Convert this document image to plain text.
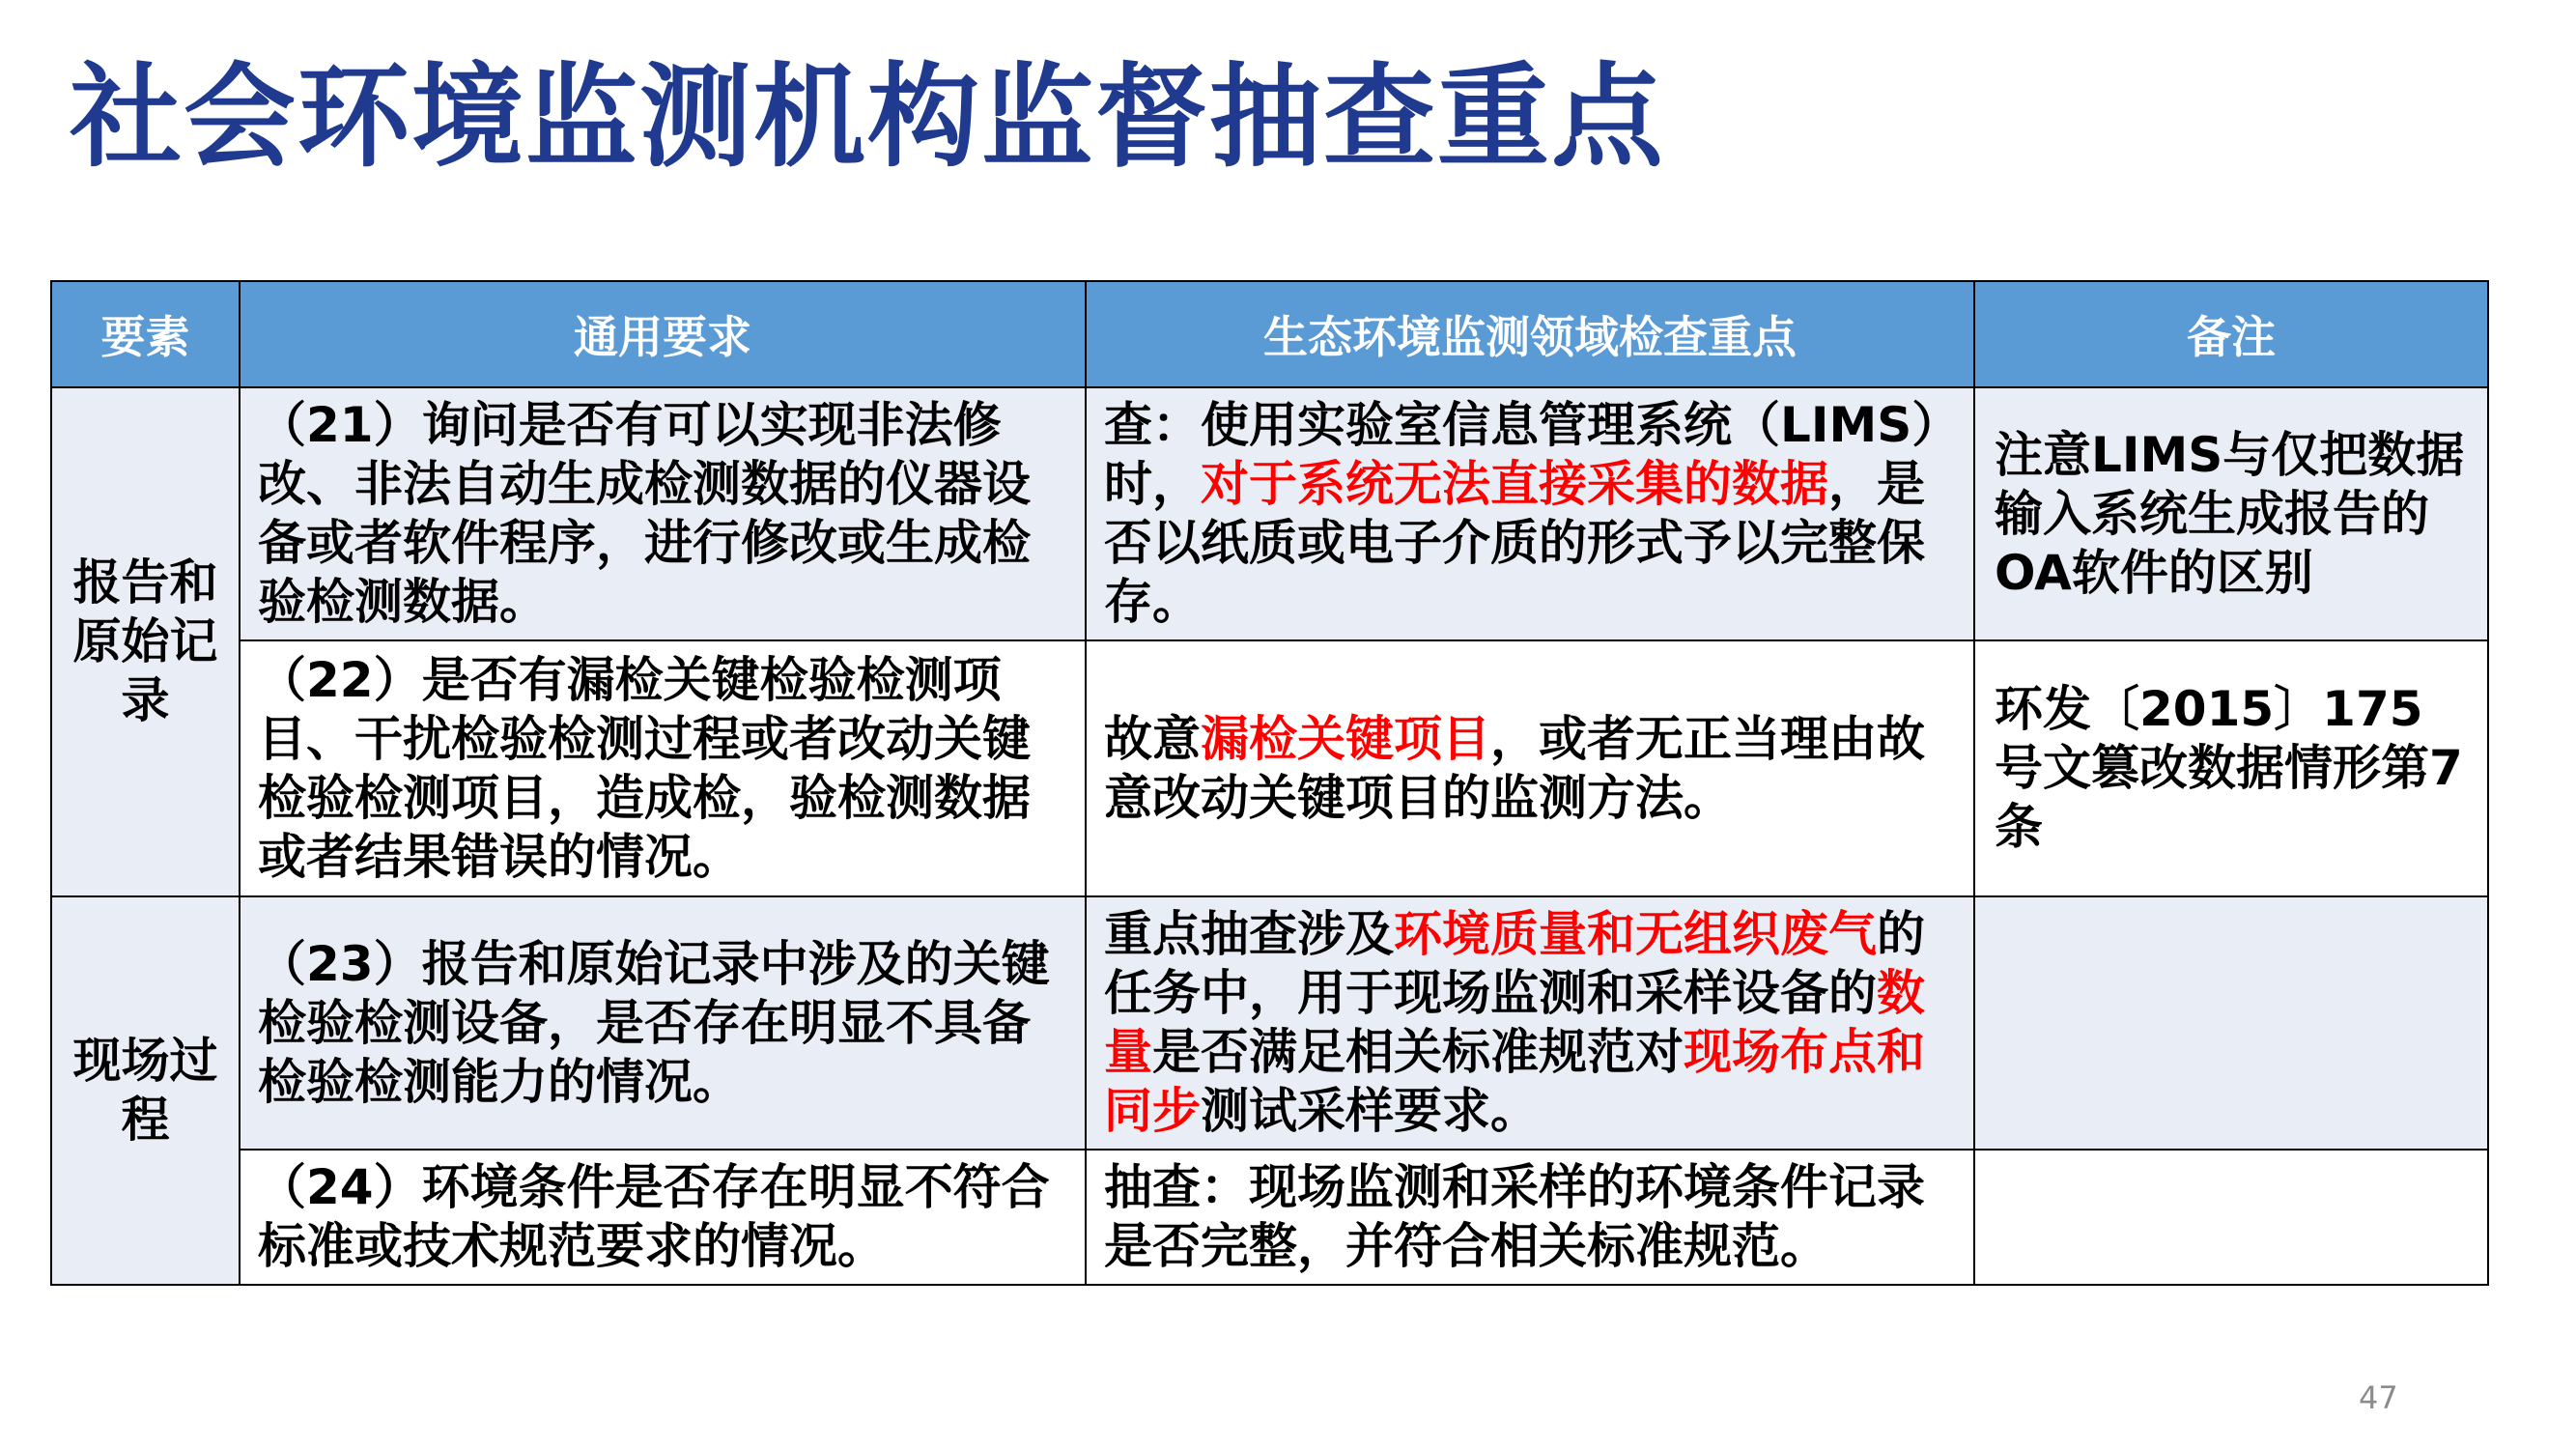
社会环境监测机构监督抽查重点
要素	通用要求	生态环境监测领域检查重点	备注
报告和原始记录	（21）询问是否有可以实现非法修改、非法自动生成检测数据的仪器设备或者软件程序，进行修改或生成检验检测数据。	查：使用实验室信息管理系统（LIMS）时，对于系统无法直接采集的数据，是否以纸质或电子介质的形式予以完整保存。	注意LIMS与仅把数据输入系统生成报告的OA软件的区别
	（22）是否有漏检关键检验检测项目、干扰检验检测过程或者改动关键检验检测项目，造成检，验检测数据或者结果错误的情况。	故意漏检关键项目，或者无正当理由故意改动关键项目的监测方法。	环发〔2015〕175 号文篡改数据情形第7条
现场过程	（23）报告和原始记录中涉及的关键检验检测设备，是否存在明显不具备检验检测能力的情况。	重点抽查涉及环境质量和无组织废气的任务中，用于现场监测和采样设备的数量是否满足相关标准规范对现场布点和同步测试采样要求。	
	（24）环境条件是否存在明显不符合标准或技术规范要求的情况。	抽查：现场监测和采样的环境条件记录是否完整，并符合相关标准规范。	
47
